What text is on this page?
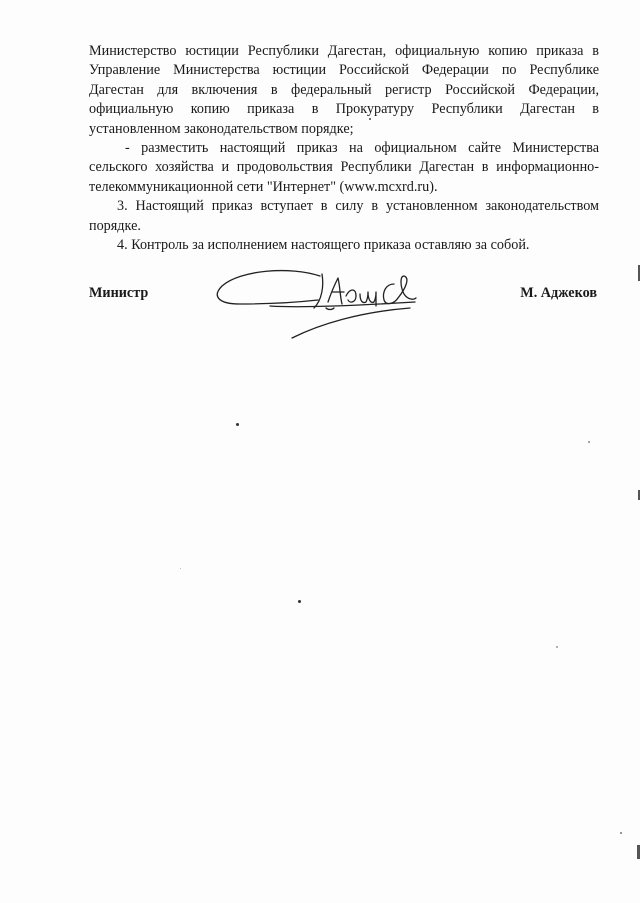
Министерство юстиции Республики Дагестан, официальную копию приказа в
Управление Министерства юстиции Российской Федерации по Республике
Дагестан для включения в федеральный регистр Российской Федерации,
официальную копию приказа в Прокуратуру Республики Дагестан в
установленном законодательством порядке;

- разместить настоящий приказ на официальном сайте Министерства
сельского хозяйства и продовольствия Республики Дагестан в информационно-
телекоммуникационной сети "Интернет" (www.mcxrd.ru).

3. Настоящий приказ вступает в силу в установленном законодательством
порядке.

4. Контроль за исполнением настоящего приказа оставляю за собой.

Министр	М. Аджеков
